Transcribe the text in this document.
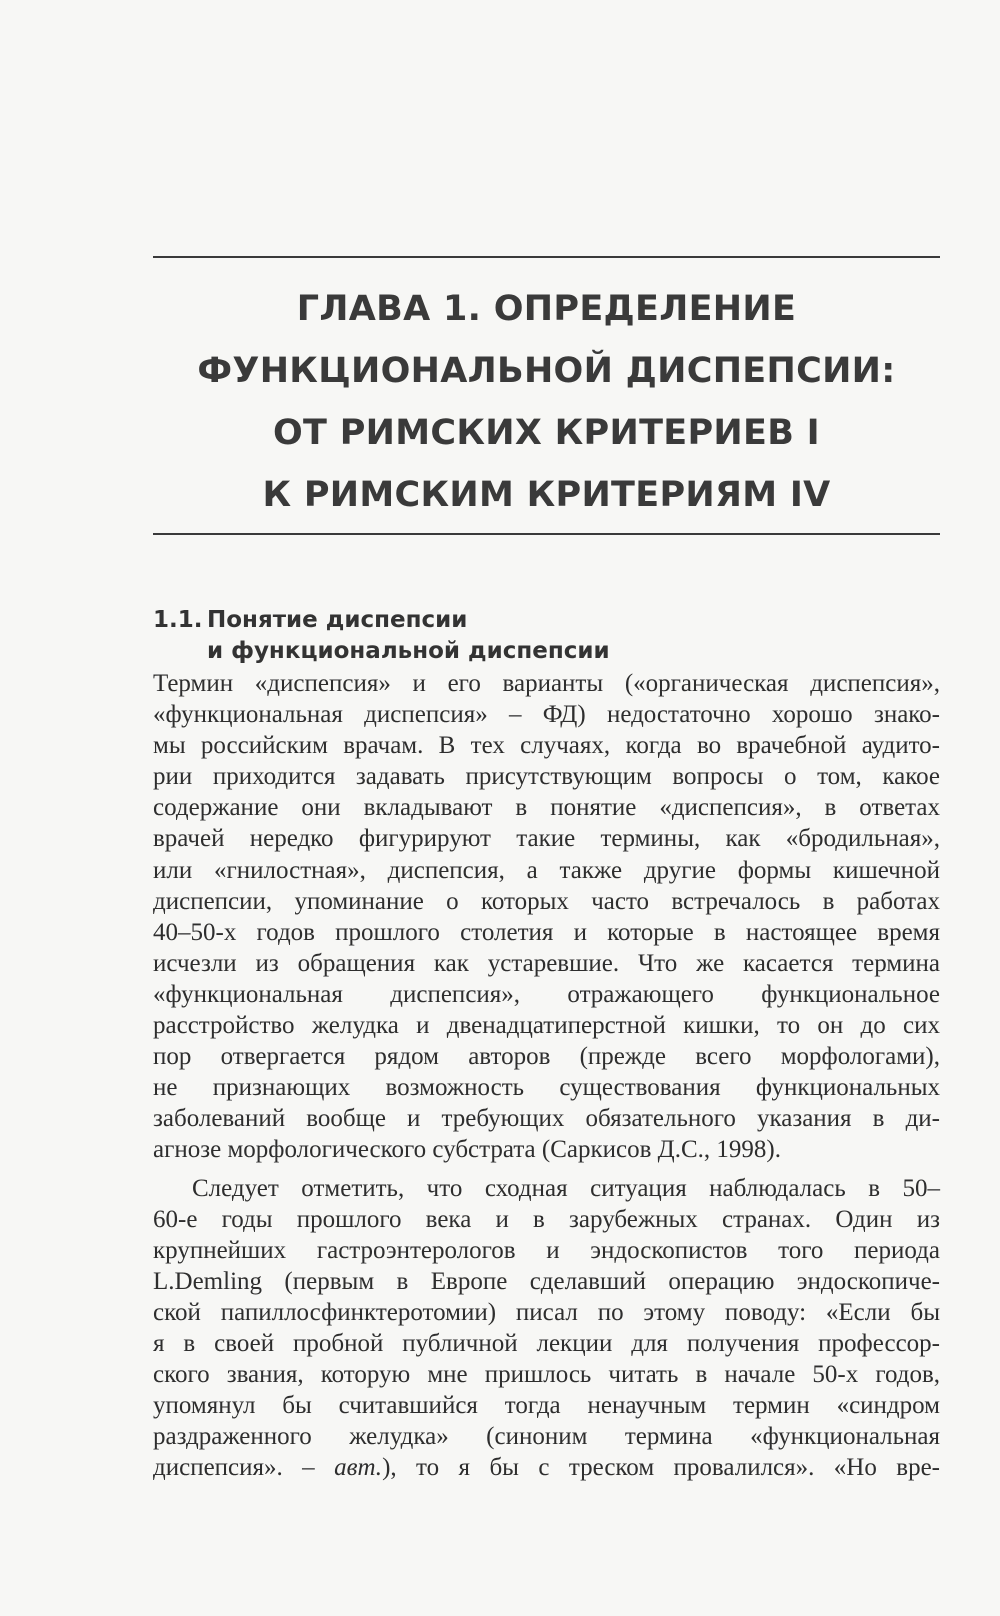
ГЛАВА 1. ОПРЕДЕЛЕНИЕ
ФУНКЦИОНАЛЬНОЙ ДИСПЕПСИИ:
ОТ РИМСКИХ КРИТЕРИЕВ I
К РИМСКИМ КРИТЕРИЯМ IV
1.1. Понятие диспепсии
и функциональной диспепсии
Термин «диспепсия» и его варианты («органическая диспепсия»,
«функциональная диспепсия» – ФД) недостаточно хорошо знако-
мы российским врачам. В тех случаях, когда во врачебной аудито-
рии приходится задавать присутствующим вопросы о том, какое
содержание они вкладывают в понятие «диспепсия», в ответах
врачей нередко фигурируют такие термины, как «бродильная»,
или «гнилостная», диспепсия, а также другие формы кишечной
диспепсии, упоминание о которых часто встречалось в работах
40–50-х годов прошлого столетия и которые в настоящее время
исчезли из обращения как устаревшие. Что же касается термина
«функциональная диспепсия», отражающего функциональное
расстройство желудка и двенадцатиперстной кишки, то он до сих
пор отвергается рядом авторов (прежде всего морфологами),
не признающих возможность существования функциональных
заболеваний вообще и требующих обязательного указания в ди-
агнозе морфологического субстрата (Саркисов Д.С., 1998).
Следует отметить, что сходная ситуация наблюдалась в 50–
60-е годы прошлого века и в зарубежных странах. Один из
крупнейших гастроэнтерологов и эндоскопистов того периода
L.Demling (первым в Европе сделавший операцию эндоскопиче-
ской папиллосфинктеротомии) писал по этому поводу: «Если бы
я в своей пробной публичной лекции для получения профессор-
ского звания, которую мне пришлось читать в начале 50-х годов,
упомянул бы считавшийся тогда ненаучным термин «синдром
раздраженного желудка» (синоним термина «функциональная
диспепсия». – авт.), то я бы с треском провалился». «Но вре-
